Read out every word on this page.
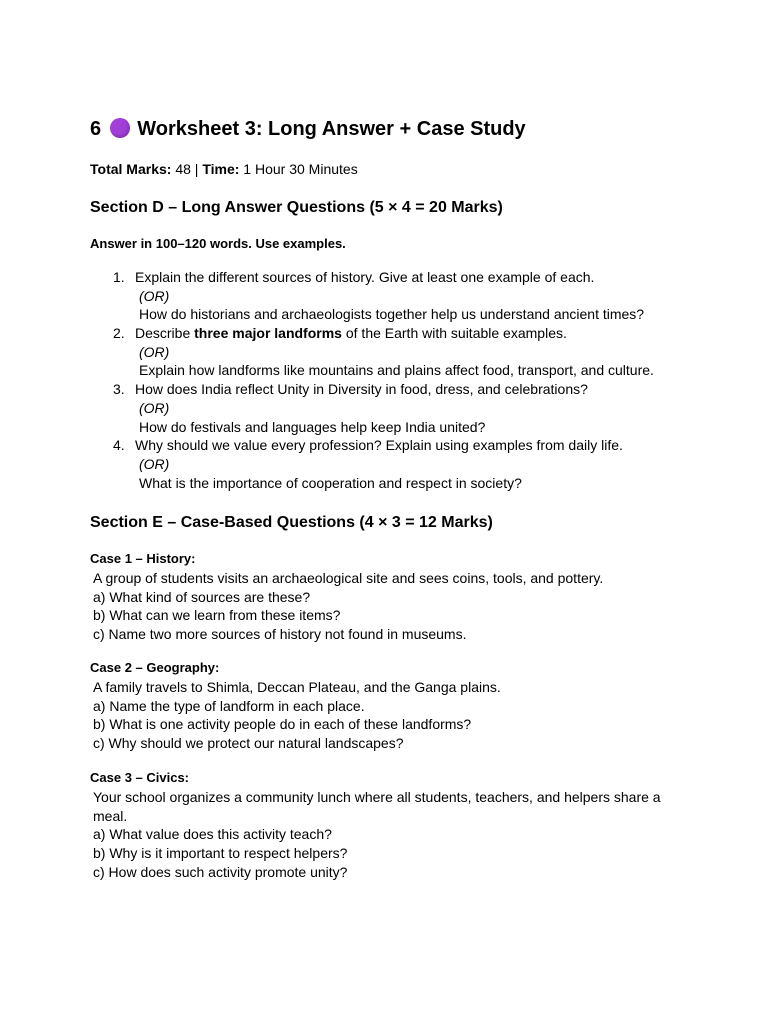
6 Worksheet 3: Long Answer + Case Study
Total Marks: 48 | Time: 1 Hour 30 Minutes
Section D – Long Answer Questions (5 × 4 = 20 Marks)
Answer in 100–120 words. Use examples.
1. Explain the different sources of history. Give at least one example of each.
(OR)
How do historians and archaeologists together help us understand ancient times?
2. Describe three major landforms of the Earth with suitable examples.
(OR)
Explain how landforms like mountains and plains affect food, transport, and culture.
3. How does India reflect Unity in Diversity in food, dress, and celebrations?
(OR)
How do festivals and languages help keep India united?
4. Why should we value every profession? Explain using examples from daily life.
(OR)
What is the importance of cooperation and respect in society?
Section E – Case-Based Questions (4 × 3 = 12 Marks)
Case 1 – History:
A group of students visits an archaeological site and sees coins, tools, and pottery.
a) What kind of sources are these?
b) What can we learn from these items?
c) Name two more sources of history not found in museums.
Case 2 – Geography:
A family travels to Shimla, Deccan Plateau, and the Ganga plains.
a) Name the type of landform in each place.
b) What is one activity people do in each of these landforms?
c) Why should we protect our natural landscapes?
Case 3 – Civics:
Your school organizes a community lunch where all students, teachers, and helpers share a meal.
a) What value does this activity teach?
b) Why is it important to respect helpers?
c) How does such activity promote unity?
